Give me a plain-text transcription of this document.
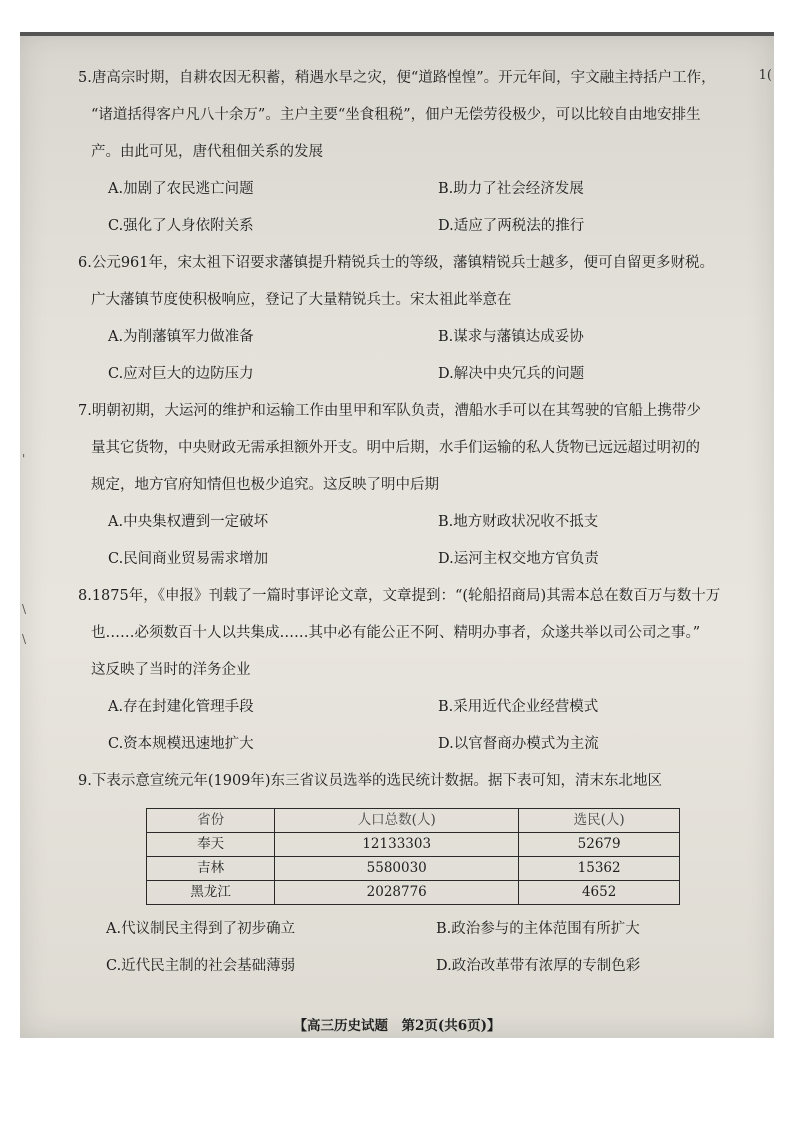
1(
'
\
\

5.唐高宗时期，自耕农因无积蓄，稍遇水旱之灾，便“道路惶惶”。开元年间，宇文融主持括户工作，

“诸道括得客户凡八十余万”。主户主要“坐食租税”，佃户无偿劳役极少，可以比较自由地安排生

产。由此可见，唐代租佃关系的发展

A.加剧了农民逃亡问题	B.助力了社会经济发展
C.强化了人身依附关系	D.适应了两税法的推行

6.公元961年，宋太祖下诏要求藩镇提升精锐兵士的等级，藩镇精锐兵士越多，便可自留更多财税。

广大藩镇节度使积极响应，登记了大量精锐兵士。宋太祖此举意在

A.为削藩镇军力做准备	B.谋求与藩镇达成妥协
C.应对巨大的边防压力	D.解决中央冗兵的问题

7.明朝初期，大运河的维护和运输工作由里甲和军队负责，漕船水手可以在其驾驶的官船上携带少

量其它货物，中央财政无需承担额外开支。明中后期，水手们运输的私人货物已远远超过明初的

规定，地方官府知情但也极少追究。这反映了明中后期

A.中央集权遭到一定破坏	B.地方财政状况收不抵支
C.民间商业贸易需求增加	D.运河主权交地方官负责

8.1875年，《申报》刊载了一篇时事评论文章，文章提到：“(轮船招商局)其需本总在数百万与数十万

也……必须数百十人以共集成……其中必有能公正不阿、精明办事者，众遂共举以司公司之事。”

这反映了当时的洋务企业

A.存在封建化管理手段	B.采用近代企业经营模式
C.资本规模迅速地扩大	D.以官督商办模式为主流

9.下表示意宣统元年(1909年)东三省议员选举的选民统计数据。据下表可知，清末东北地区

省份	人口总数(人)	选民(人)
奉天	12133303	52679
吉林	5580030	15362
黑龙江	2028776	4652
A.代议制民主得到了初步确立	B.政治参与的主体范围有所扩大
C.近代民主制的社会基础薄弱	D.政治改革带有浓厚的专制色彩
【高三历史试题　第2页(共6页)】
